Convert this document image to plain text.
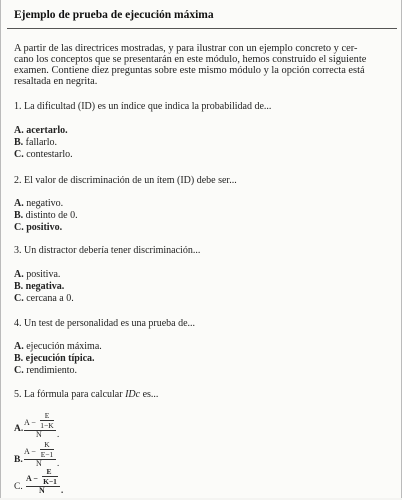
Ejemplo de prueba de ejecución máxima
A partir de las directrices mostradas, y para ilustrar con un ejemplo concreto y cer-
cano los conceptos que se presentarán en este módulo, hemos construido el siguiente
examen. Contiene diez preguntas sobre este mismo módulo y la opción correcta está
resaltada en negrita.
1. La dificultad (ID) es un índice que indica la probabilidad de...
A. acertarlo.
B. fallarlo.
C. contestarlo.
2. El valor de discriminación de un ítem (ID) debe ser...
A. negativo.
B. distinto de 0.
C. positivo.
3. Un distractor debería tener discriminación...
A. positiva.
B. negativa.
C. cercana a 0.
4. Un test de personalidad es una prueba de...
A. ejecución máxima.
B. ejecución típica.
C. rendimiento.
5. La fórmula para calcular IDc es...
A.
A −
E
1−K
N .
B.
A −
K
E−1
N .
C.
A −
E
K−1
N .
